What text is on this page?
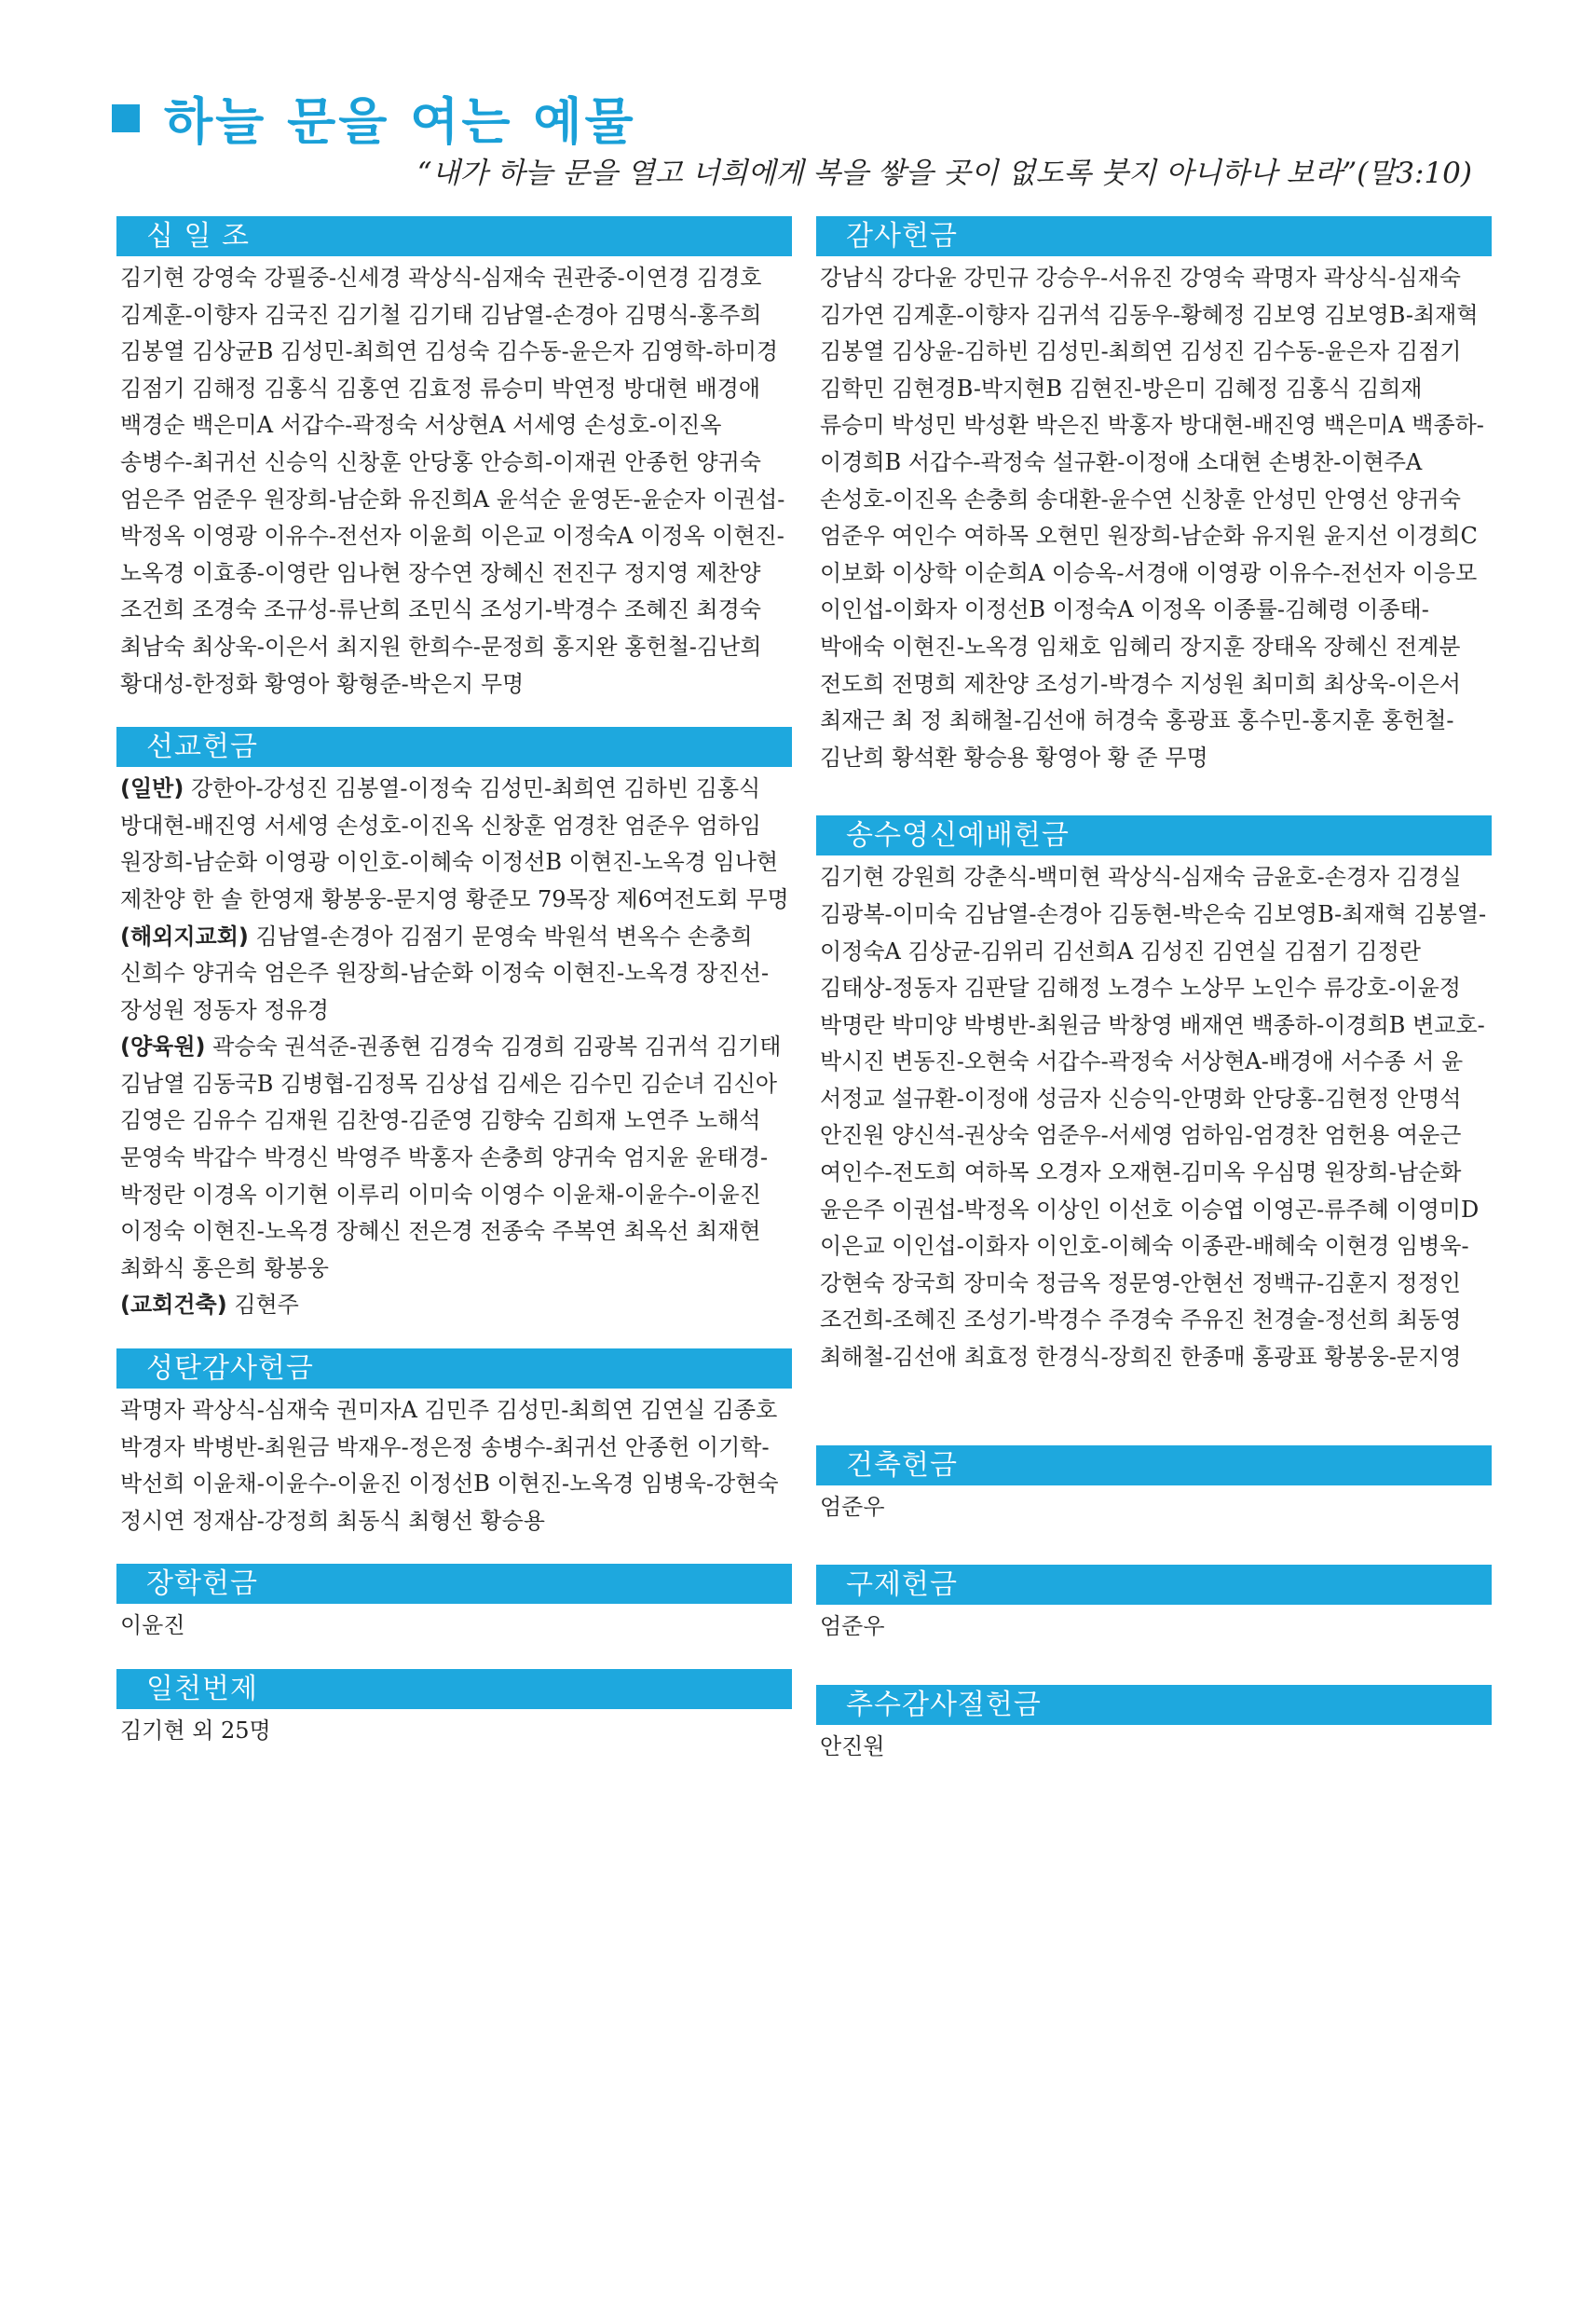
하늘 문을 여는 예물
“내가 하늘 문을 열고 너희에게 복을 쌓을 곳이 없도록 붓지 아니하나 보라”(말3:10)
십 일 조
김기현 강영숙 강필중-신세경 곽상식-심재숙 권관중-이연경 김경호 김계훈-이향자 김국진 김기철 김기태 김남열-손경아 김명식-홍주희 김봉열 김상균B 김성민-최희연 김성숙 김수동-윤은자 김영학-하미경 김점기 김해정 김홍식 김홍연 김효정 류승미 박연정 방대현 배경애 백경순 백은미A 서갑수-곽정숙 서상현A 서세영 손성호-이진옥 송병수-최귀선 신승익 신창훈 안당홍 안승희-이재권 안종헌 양귀숙 엄은주 엄준우 원장희-남순화 유진희A 윤석순 윤영돈-윤순자 이권섭-박정옥 이영광 이유수-전선자 이윤희 이은교 이정숙A 이정옥 이현진-노옥경 이효종-이영란 임나현 장수연 장혜신 전진구 정지영 제찬양 조건희 조경숙 조규성-류난희 조민식 조성기-박경수 조혜진 최경숙 최남숙 최상욱-이은서 최지원 한희수-문정희 홍지완 홍헌철-김난희 황대성-한정화 황영아 황형준-박은지 무명
선교헌금
(일반) 강한아-강성진 김봉열-이정숙 김성민-최희연 김하빈 김홍식 방대현-배진영 서세영 손성호-이진옥 신창훈 엄경찬 엄준우 엄하임 원장희-남순화 이영광 이인호-이혜숙 이정선B 이현진-노옥경 임나현 제찬양 한 솔 한영재 황봉웅-문지영 황준모 79목장 제6여전도회 무명
(해외지교회) 김남열-손경아 김점기 문영숙 박원석 변옥수 손충희 신희수 양귀숙 엄은주 원장희-남순화 이정숙 이현진-노옥경 장진선-장성원 정동자 정유경
(양육원) 곽승숙 권석준-권종현 김경숙 김경희 김광복 김귀석 김기태 김남열 김동국B 김병협-김정목 김상섭 김세은 김수민 김순녀 김신아 김영은 김유수 김재원 김찬영-김준영 김향숙 김희재 노연주 노해석 문영숙 박갑수 박경신 박영주 박홍자 손충희 양귀숙 엄지윤 윤태경-박정란 이경옥 이기현 이루리 이미숙 이영수 이윤채-이윤수-이윤진 이정숙 이현진-노옥경 장혜신 전은경 전종숙 주복연 최옥선 최재현 최화식 홍은희 황봉웅
(교회건축) 김현주
성탄감사헌금
곽명자 곽상식-심재숙 권미자A 김민주 김성민-최희연 김연실 김종호 박경자 박병반-최원금 박재우-정은정 송병수-최귀선 안종헌 이기학-박선희 이윤채-이윤수-이윤진 이정선B 이현진-노옥경 임병욱-강현숙 정시연 정재삼-강정희 최동식 최형선 황승용
장학헌금
이윤진
일천번제
김기현 외 25명
감사헌금
강남식 강다윤 강민규 강승우-서유진 강영숙 곽명자 곽상식-심재숙 김가연 김계훈-이향자 김귀석 김동우-황혜정 김보영 김보영B-최재혁 김봉열 김상윤-김하빈 김성민-최희연 김성진 김수동-윤은자 김점기 김학민 김현경B-박지현B 김현진-방은미 김혜정 김홍식 김희재 류승미 박성민 박성환 박은진 박홍자 방대현-배진영 백은미A 백종하-이경희B 서갑수-곽정숙 설규환-이정애 소대현 손병찬-이현주A 손성호-이진옥 손충희 송대환-윤수연 신창훈 안성민 안영선 양귀숙 엄준우 여인수 여하목 오현민 원장희-남순화 유지원 윤지선 이경희C 이보화 이상학 이순희A 이승옥-서경애 이영광 이유수-전선자 이응모 이인섭-이화자 이정선B 이정숙A 이정옥 이종률-김혜령 이종태-박애숙 이현진-노옥경 임채호 임혜리 장지훈 장태옥 장혜신 전계분 전도희 전명희 제찬양 조성기-박경수 지성원 최미희 최상욱-이은서 최재근 최 정 최해철-김선애 허경숙 홍광표 홍수민-홍지훈 홍헌철-김난희 황석환 황승용 황영아 황 준 무명
송수영신예배헌금
김기현 강원희 강춘식-백미현 곽상식-심재숙 금윤호-손경자 김경실 김광복-이미숙 김남열-손경아 김동현-박은숙 김보영B-최재혁 김봉열-이정숙A 김상균-김위리 김선희A 김성진 김연실 김점기 김정란 김태상-정동자 김판달 김해정 노경수 노상무 노인수 류강호-이윤정 박명란 박미양 박병반-최원금 박창영 배재연 백종하-이경희B 변교호-박시진 변동진-오현숙 서갑수-곽정숙 서상현A-배경애 서수종 서 윤 서정교 설규환-이정애 성금자 신승익-안명화 안당홍-김현정 안명석 안진원 양신석-권상숙 엄준우-서세영 엄하임-엄경찬 엄헌용 여운근 여인수-전도희 여하목 오경자 오재현-김미옥 우심명 원장희-남순화 윤은주 이권섭-박정옥 이상인 이선호 이승엽 이영곤-류주혜 이영미D 이은교 이인섭-이화자 이인호-이혜숙 이종관-배혜숙 이현경 임병욱-강현숙 장국희 장미숙 정금옥 정문영-안현선 정백규-김훈지 정정인 조건희-조혜진 조성기-박경수 주경숙 주유진 천경술-정선희 최동영 최해철-김선애 최효정 한경식-장희진 한종매 홍광표 황봉웅-문지영
건축헌금
엄준우
구제헌금
엄준우
추수감사절헌금
안진원
